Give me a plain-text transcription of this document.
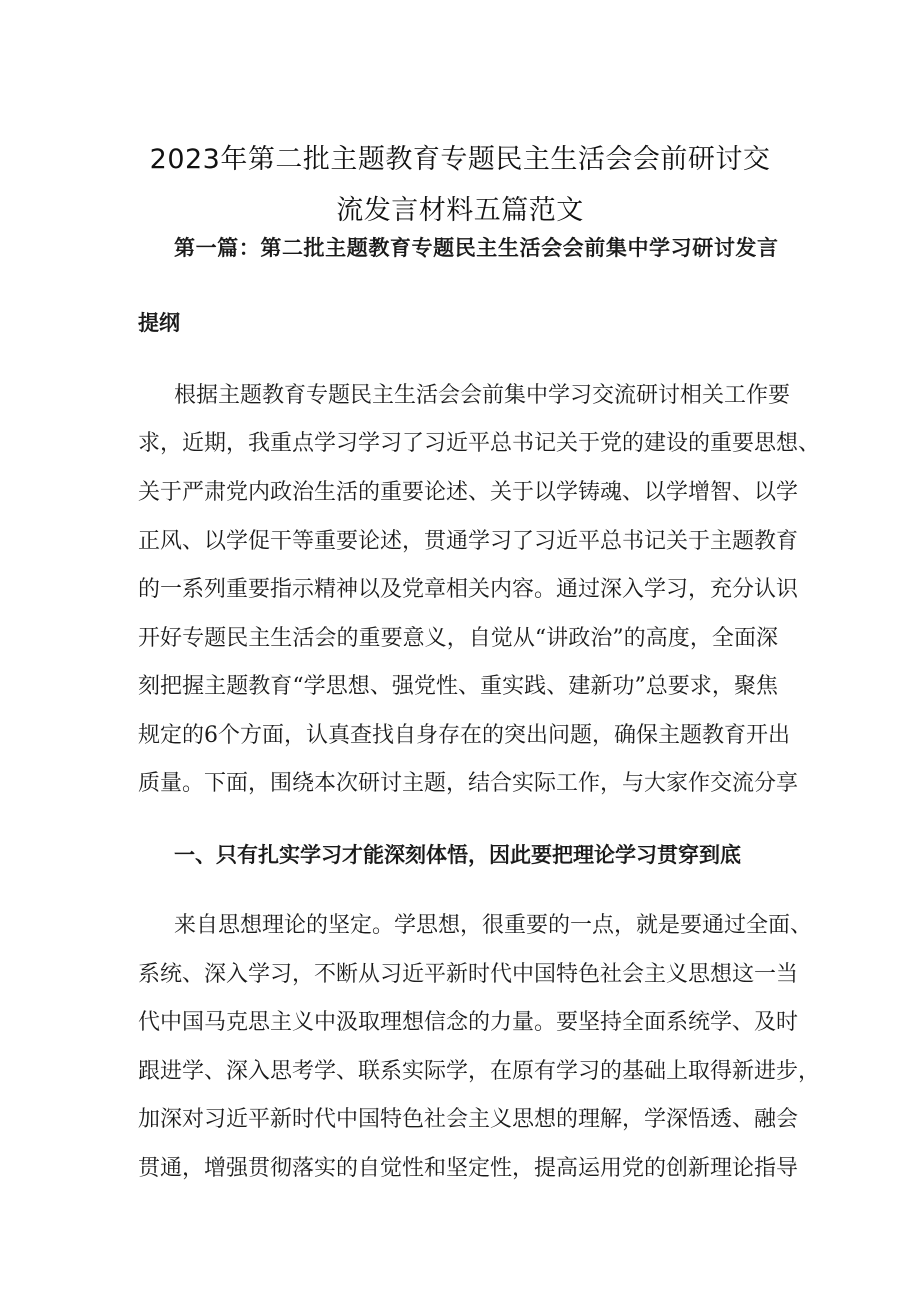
2023年第二批主题教育专题民主生活会会前研讨交
流发言材料五篇范文
第一篇：第二批主题教育专题民主生活会会前集中学习研讨发言
提纲
根据主题教育专题民主生活会会前集中学习交流研讨相关工作要
求，近期，我重点学习学习了习近平总书记关于党的建设的重要思想、
关于严肃党内政治生活的重要论述、关于以学铸魂、以学增智、以学
正风、以学促干等重要论述，贯通学习了习近平总书记关于主题教育
的一系列重要指示精神以及党章相关内容。通过深入学习，充分认识
开好专题民主生活会的重要意义，自觉从“讲政治”的高度，全面深
刻把握主题教育“学思想、强党性、重实践、建新功”总要求，聚焦
规定的6个方面，认真查找自身存在的突出问题，确保主题教育开出
质量。下面，围绕本次研讨主题，结合实际工作，与大家作交流分享
一、只有扎实学习才能深刻体悟，因此要把理论学习贯穿到底
来自思想理论的坚定。学思想，很重要的一点，就是要通过全面、
系统、深入学习，不断从习近平新时代中国特色社会主义思想这一当
代中国马克思主义中汲取理想信念的力量。要坚持全面系统学、及时
跟进学、深入思考学、联系实际学，在原有学习的基础上取得新进步，
加深对习近平新时代中国特色社会主义思想的理解，学深悟透、融会
贯通，增强贯彻落实的自觉性和坚定性，提高运用党的创新理论指导
